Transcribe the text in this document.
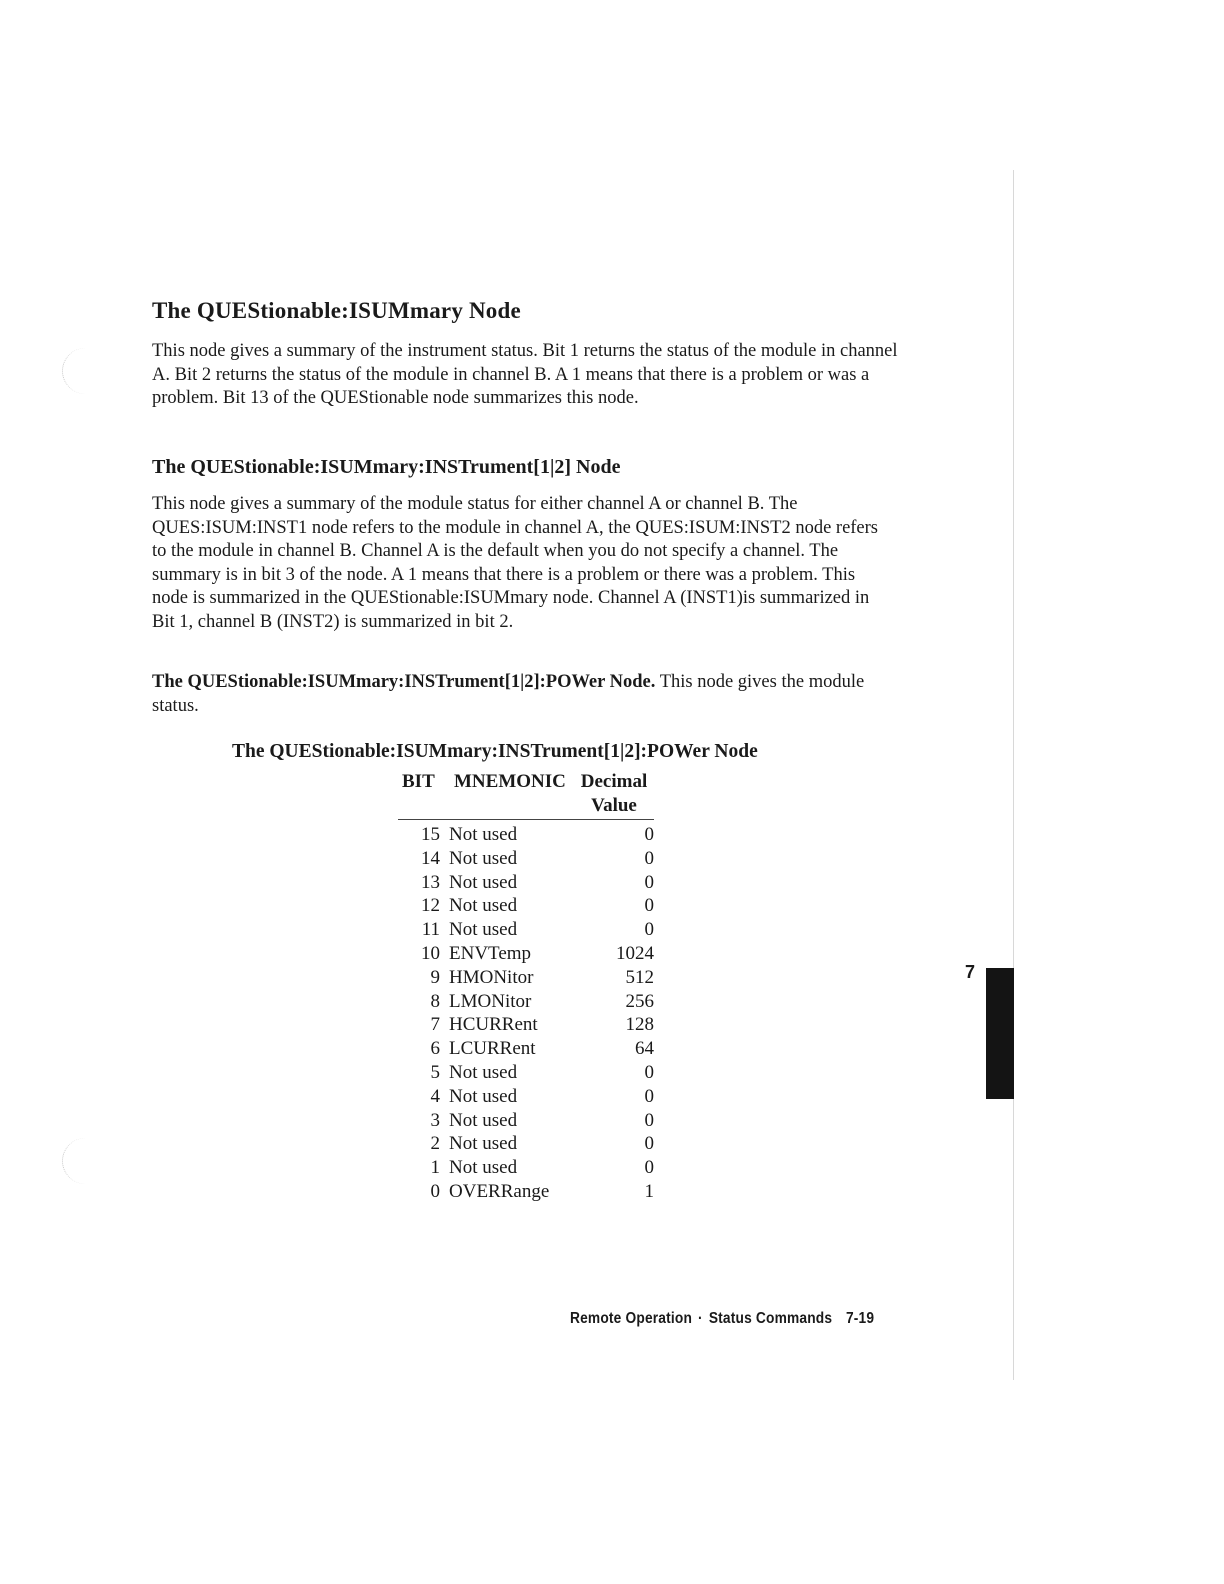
The QUEStionable:ISUMmary Node

This node gives a summary of the instrument status. Bit 1 returns the status of the module in channel A. Bit 2 returns the status of the module in channel B. A 1 means that there is a problem or was a problem. Bit 13 of the QUEStionable node summarizes this node.

The QUEStionable:ISUMmary:INSTrument[1|2] Node

This node gives a summary of the module status for either channel A or channel B. The QUES:ISUM:INST1 node refers to the module in channel A, the QUES:ISUM:INST2 node refers to the module in channel B. Channel A is the default when you do not specify a channel. The summary is in bit 3 of the node. A 1 means that there is a problem or there was a problem. This node is summarized in the QUEStionable:ISUMmary node. Channel A (INST1)is summarized in Bit 1, channel B (INST2) is summarized in bit 2.

The QUEStionable:ISUMmary:INSTrument[1|2]:POWer Node. This node gives the module status.

The QUEStionable:ISUMmary:INSTrument[1|2]:POWer Node
BIT	MNEMONIC	Decimal
		Value
15	Not used	0
14	Not used	0
13	Not used	0
12	Not used	0
11	Not used	0
10	ENVTemp	1024
9	HMONitor	512
8	LMONitor	256
7	HCURRent	128
6	LCURRent	64
5	Not used	0
4	Not used	0
3	Not used	0
2	Not used	0
1	Not used	0
0	OVERRange	1
Remote Operation · Status Commands 7-19
7
